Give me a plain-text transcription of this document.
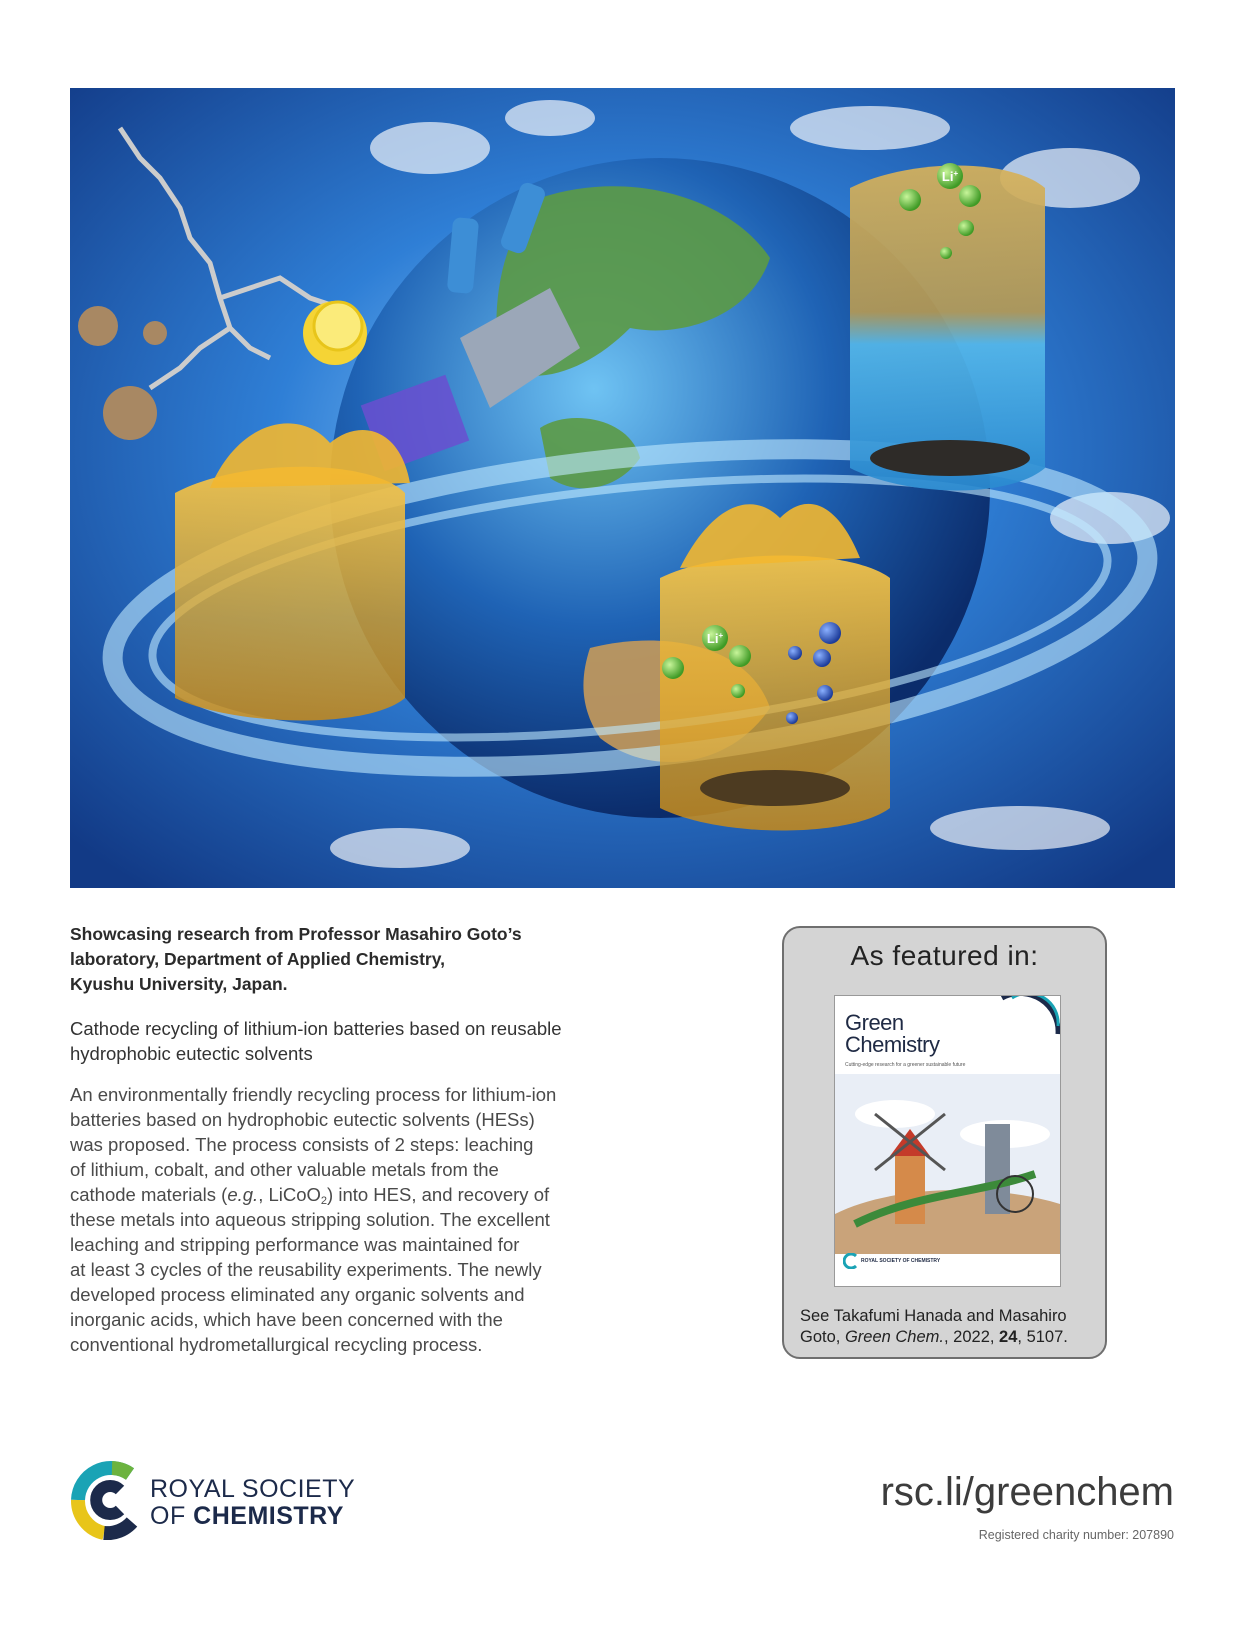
Li+
Li+
Showcasing research from Professor Masahiro Goto’s
laboratory, Department of Applied Chemistry,
Kyushu University, Japan.
Cathode recycling of lithium-ion batteries based on reusable
hydrophobic eutectic solvents
An environmentally friendly recycling process for lithium-ion
batteries based on hydrophobic eutectic solvents (HESs)
was proposed. The process consists of 2 steps: leaching
of lithium, cobalt, and other valuable metals from the
cathode materials (e.g., LiCoO$_2$) into HES, and recovery of
these metals into aqueous stripping solution. The excellent
leaching and stripping performance was maintained for
at least 3 cycles of the reusability experiments. The newly
developed process eliminated any organic solvents and
inorganic acids, which have been concerned with the
conventional hydrometallurgical recycling process.
As featured in:
Green
Chemistry
Cutting-edge research for a greener sustainable future
ROYAL SOCIETY OF CHEMISTRY
See Takafumi Hanada and Masahiro
Goto, Green Chem., 2022, 24, 5107.
ROYAL SOCIETY
OF CHEMISTRY
rsc.li/greenchem
Registered charity number: 207890
